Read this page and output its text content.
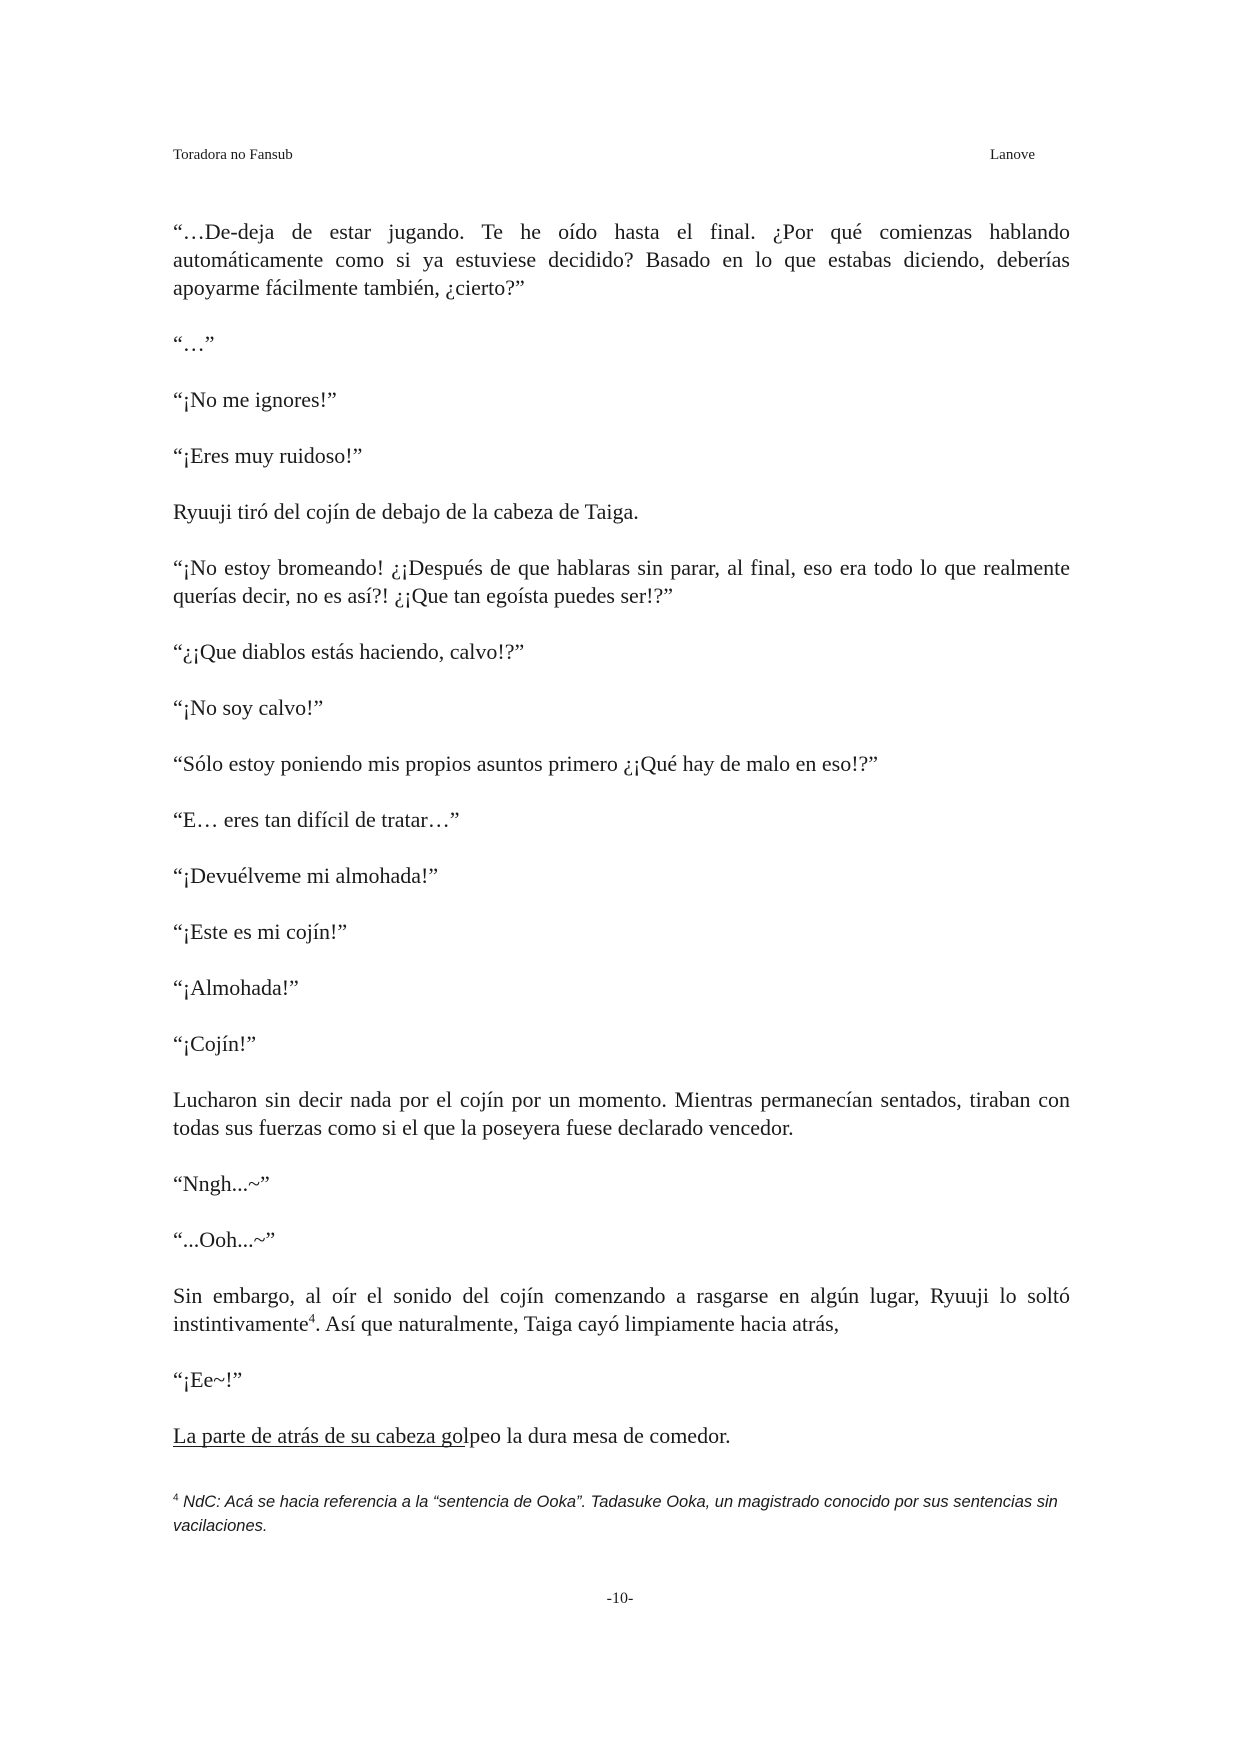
Toradora no Fansub	Lanove

“…De-deja de estar jugando. Te he oído hasta el final. ¿Por qué comienzas hablando automáticamente como si ya estuviese decidido? Basado en lo que estabas diciendo, deberías apoyarme fácilmente también, ¿cierto?”

“…”

“¡No me ignores!”

“¡Eres muy ruidoso!”

Ryuuji tiró del cojín de debajo de la cabeza de Taiga.

“¡No estoy bromeando! ¿¡Después de que hablaras sin parar, al final, eso era todo lo que realmente querías decir, no es así?! ¿¡Que tan egoísta puedes ser!?”

“¿¡Que diablos estás haciendo, calvo!?”

“¡No soy calvo!”

“Sólo estoy poniendo mis propios asuntos primero ¿¡Qué hay de malo en eso!?”

“E… eres tan difícil de tratar…”

“¡Devuélveme mi almohada!”

“¡Este es mi cojín!”

“¡Almohada!”

“¡Cojín!”

Lucharon sin decir nada por el cojín por un momento. Mientras permanecían sentados, tiraban con todas sus fuerzas como si el que la poseyera fuese declarado vencedor.

“Nngh...~”

“...Ooh...~”

Sin embargo, al oír el sonido del cojín comenzando a rasgarse en algún lugar, Ryuuji lo soltó instintivamente$^4$. Así que naturalmente, Taiga cayó limpiamente hacia atrás,

“¡Ee~!”

La parte de atrás de su cabeza golpeo la dura mesa de comedor.

$^4$ NdC: Acá se hacia referencia a la “sentencia de Ooka”. Tadasuke Ooka, un magistrado conocido por sus sentencias sin vacilaciones.
-10-
